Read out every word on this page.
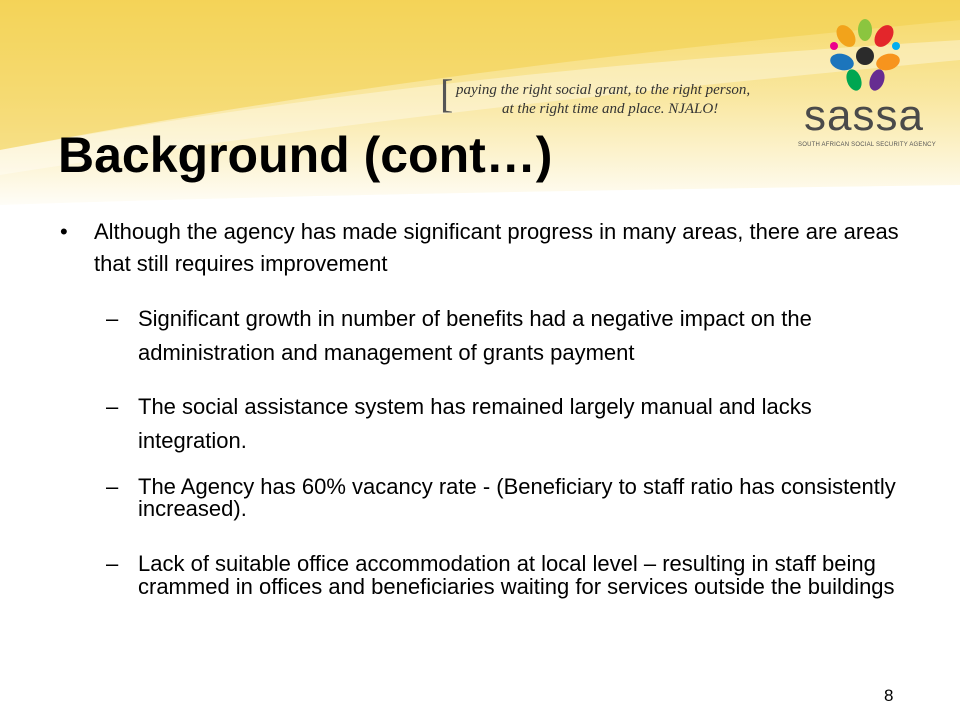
[ paying the right social grant, to the right person,
at the right time and place. NJALO! sassa
SOUTH AFRICAN SOCIAL SECURITY AGENCY
Background (cont…)
• Although the agency has made significant progress in many areas, there are areas that still requires improvement
– Significant growth in number of benefits had a negative impact on the administration and management of grants payment
– The social assistance system has remained largely manual and lacks integration.
– The Agency has 60% vacancy rate - (Beneficiary to staff ratio has consistently increased).
– Lack of suitable office accommodation at local level – resulting in staff being crammed in offices and beneficiaries waiting for services outside the buildings
8
